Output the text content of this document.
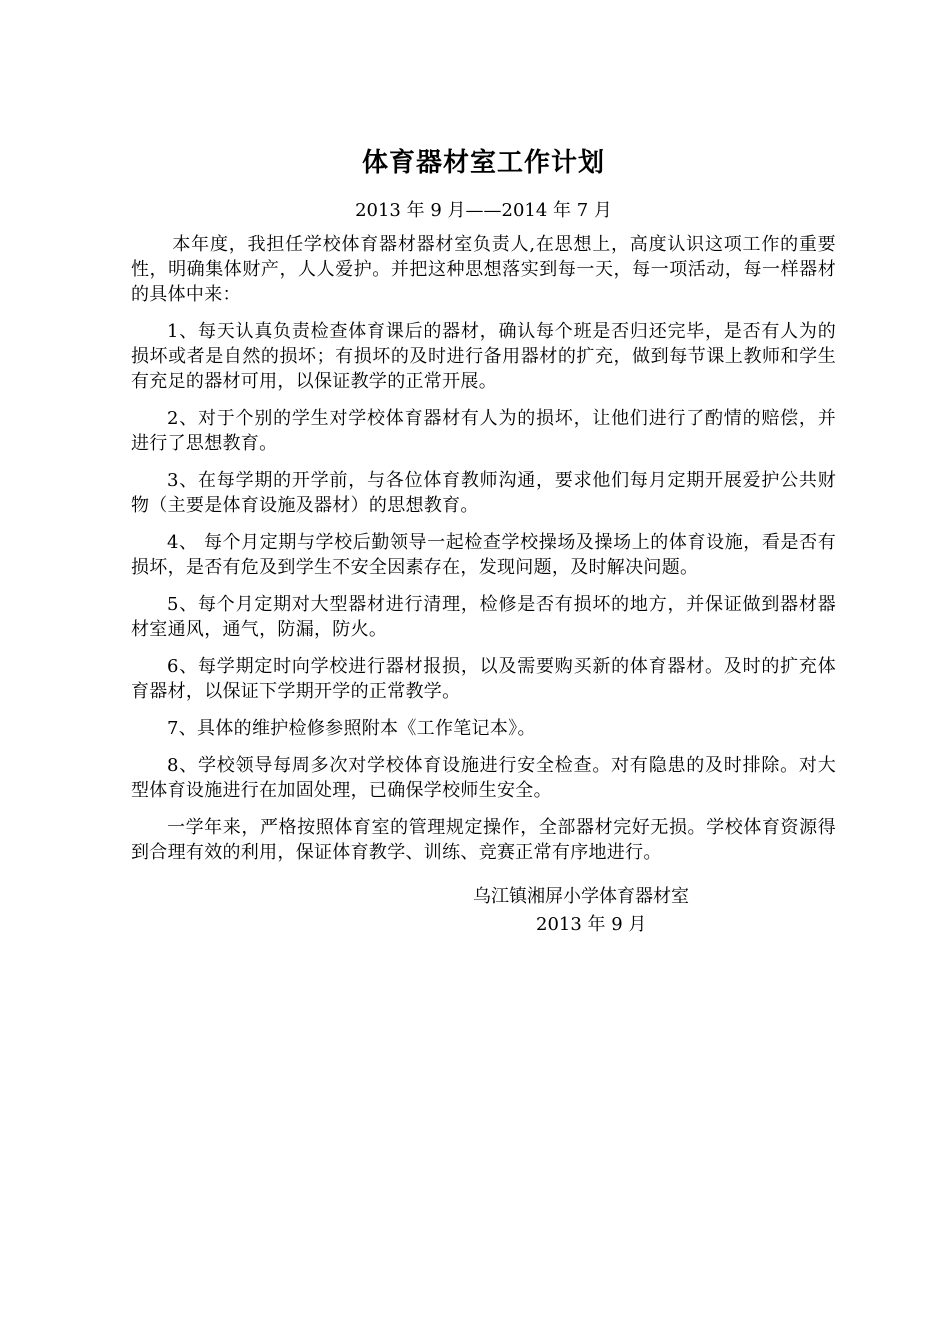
体育器材室工作计划
2013 年 9 月——2014 年 7 月

本年度，我担任学校体育器材器材室负责人,在思想上，高度认识这项工作的重要性，明确集体财产，人人爱护。并把这种思想落实到每一天，每一项活动，每一样器材的具体中来：

1、每天认真负责检查体育课后的器材，确认每个班是否归还完毕，是否有人为的损坏或者是自然的损坏；有损坏的及时进行备用器材的扩充，做到每节课上教师和学生有充足的器材可用，以保证教学的正常开展。

2、对于个别的学生对学校体育器材有人为的损坏，让他们进行了酌情的赔偿，并进行了思想教育。

3、在每学期的开学前，与各位体育教师沟通，要求他们每月定期开展爱护公共财物（主要是体育设施及器材）的思想教育。

4、 每个月定期与学校后勤领导一起检查学校操场及操场上的体育设施，看是否有损坏，是否有危及到学生不安全因素存在，发现问题，及时解决问题。

5、每个月定期对大型器材进行清理，检修是否有损坏的地方，并保证做到器材器材室通风，通气，防漏，防火。

6、每学期定时向学校进行器材报损，以及需要购买新的体育器材。及时的扩充体育器材，以保证下学期开学的正常教学。

7、具体的维护检修参照附本《工作笔记本》。

8、学校领导每周多次对学校体育设施进行安全检查。对有隐患的及时排除。对大型体育设施进行在加固处理，已确保学校师生安全。

一学年来，严格按照体育室的管理规定操作，全部器材完好无损。学校体育资源得到合理有效的利用，保证体育教学、训练、竞赛正常有序地进行。

乌江镇湘屏小学体育器材室
2013 年 9 月
